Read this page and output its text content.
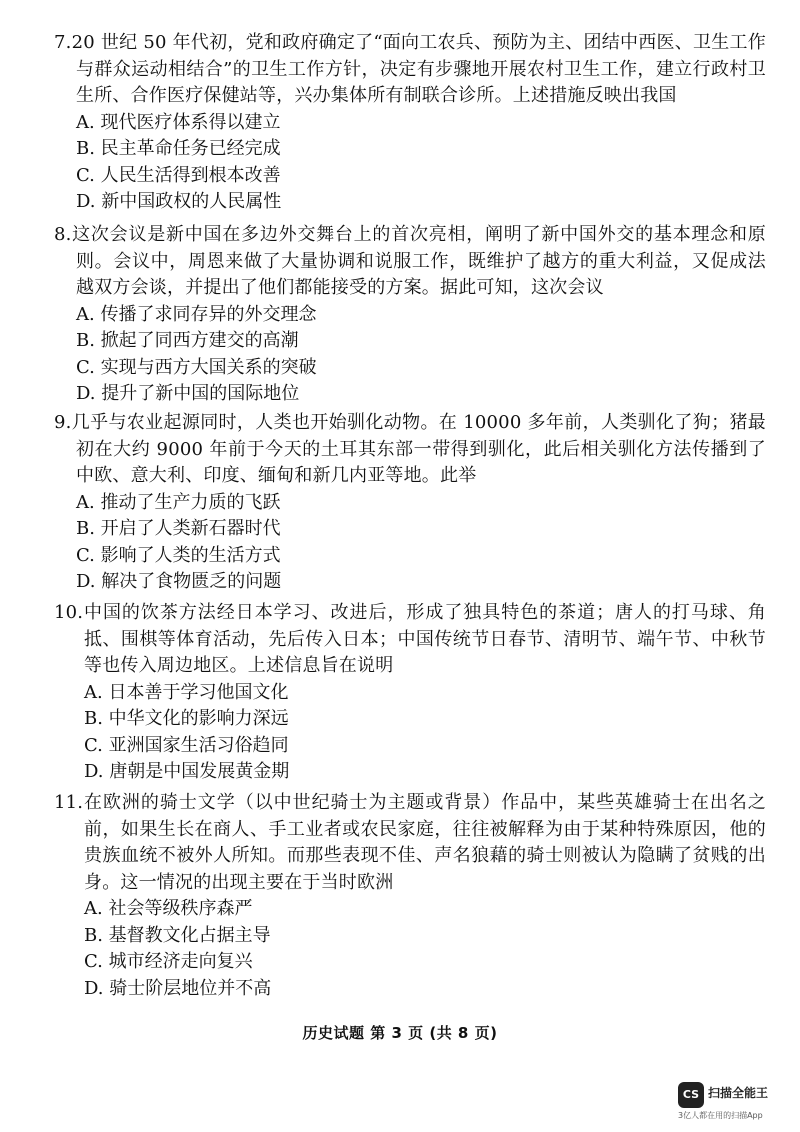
7.20 世纪 50 年代初，党和政府确定了“面向工农兵、预防为主、团结中西医、卫生工作与群众运动相结合”的卫生工作方针，决定有步骤地开展农村卫生工作，建立行政村卫生所、合作医疗保健站等，兴办集体所有制联合诊所。上述措施反映出我国

A. 现代医疗体系得以建立
B. 民主革命任务已经完成
C. 人民生活得到根本改善
D. 新中国政权的人民属性

8.这次会议是新中国在多边外交舞台上的首次亮相，阐明了新中国外交的基本理念和原则。会议中，周恩来做了大量协调和说服工作，既维护了越方的重大利益，又促成法越双方会谈，并提出了他们都能接受的方案。据此可知，这次会议

A. 传播了求同存异的外交理念
B. 掀起了同西方建交的高潮
C. 实现与西方大国关系的突破
D. 提升了新中国的国际地位

9.几乎与农业起源同时，人类也开始驯化动物。在 10000 多年前，人类驯化了狗；猪最初在大约 9000 年前于今天的土耳其东部一带得到驯化，此后相关驯化方法传播到了中欧、意大利、印度、缅甸和新几内亚等地。此举

A. 推动了生产力质的飞跃
B. 开启了人类新石器时代
C. 影响了人类的生活方式
D. 解决了食物匮乏的问题

10.中国的饮茶方法经日本学习、改进后，形成了独具特色的茶道；唐人的打马球、角抵、围棋等体育活动，先后传入日本；中国传统节日春节、清明节、端午节、中秋节等也传入周边地区。上述信息旨在说明

A. 日本善于学习他国文化
B. 中华文化的影响力深远
C. 亚洲国家生活习俗趋同
D. 唐朝是中国发展黄金期

11.在欧洲的骑士文学（以中世纪骑士为主题或背景）作品中，某些英雄骑士在出名之前，如果生长在商人、手工业者或农民家庭，往往被解释为由于某种特殊原因，他的贵族血统不被外人所知。而那些表现不佳、声名狼藉的骑士则被认为隐瞒了贫贱的出身。这一情况的出现主要在于当时欧洲

A. 社会等级秩序森严
B. 基督教文化占据主导
C. 城市经济走向复兴
D. 骑士阶层地位并不高
历史试题 第 3 页 (共 8 页)
CS 扫描全能王
3亿人都在用的扫描App
